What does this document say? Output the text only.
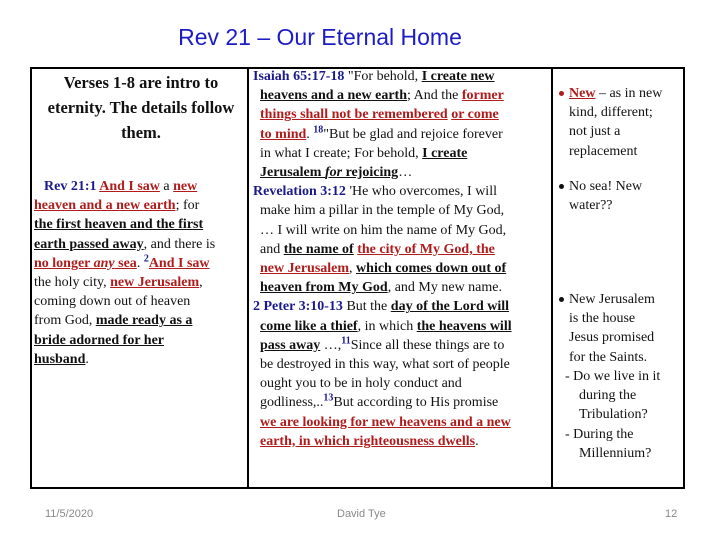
Rev 21 – Our Eternal Home
Verses 1-8 are intro to eternity. The details follow them.
Rev 21:1 And I saw a new
heaven and a new earth; for
the first heaven and the first
earth passed away, and there is
no longer any sea. $^2$And I saw
the holy city, new Jerusalem,
coming down out of heaven
from God, made ready as a
bride adorned for her
husband.
Isaiah 65:17-18 "For behold, I create new
heavens and a new earth; And the former
things shall not be remembered or come
to mind. $^{18}$"But be glad and rejoice forever
in what I create; For behold, I create
Jerusalem for rejoicing…
Revelation 3:12 'He who overcomes, I will
make him a pillar in the temple of My God,
… I will write on him the name of My God,
and the name of the city of My God, the
new Jerusalem, which comes down out of
heaven from My God, and My new name.
2 Peter 3:10-13 But the day of the Lord will
come like a thief, in which the heavens will
pass away …,$^{11}$Since all these things are to
be destroyed in this way, what sort of people
ought you to be in holy conduct and
godliness,..$^{13}$But according to His promise
we are looking for new heavens and a new
earth, in which righteousness dwells.
New – as in new
kind, different;
not just a
replacement
No sea! New
water??
New Jerusalem
is the house
Jesus promised
for the Saints.
- Do we live in it
during the
Tribulation?
- During the
Millennium?
11/5/2020	David Tye	12
